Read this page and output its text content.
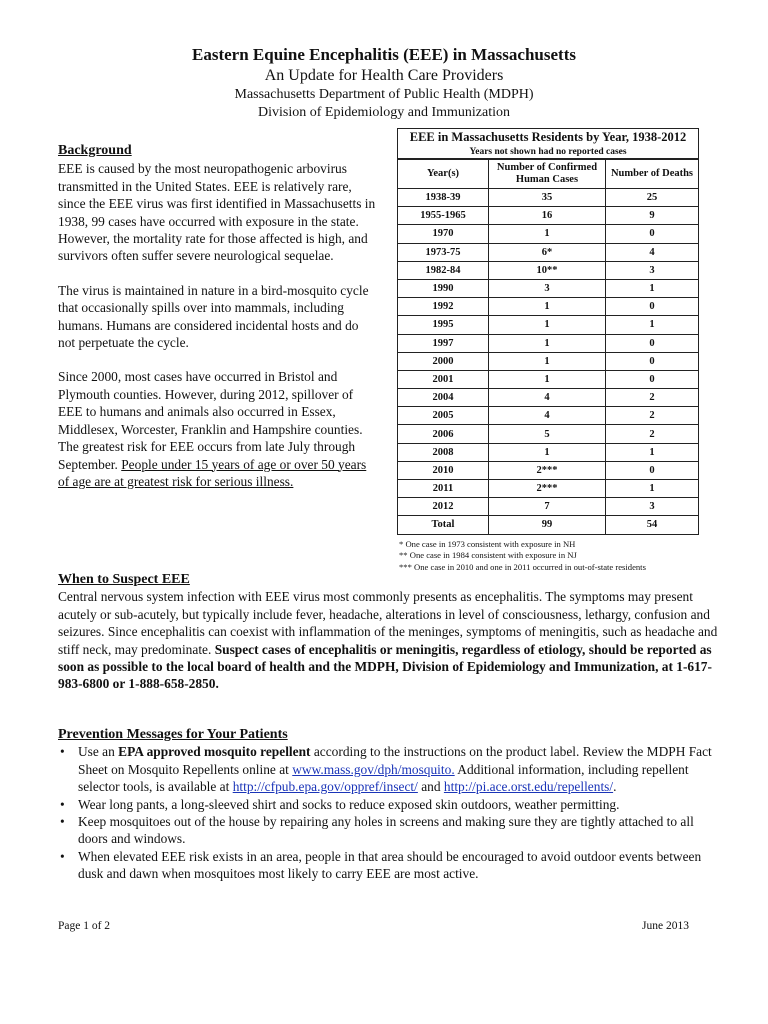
Eastern Equine Encephalitis (EEE) in Massachusetts
An Update for Health Care Providers
Massachusetts Department of Public Health (MDPH)
Division of Epidemiology and Immunization
Background

EEE is caused by the most neuropathogenic arbovirus transmitted in the United States. EEE is relatively rare, since the EEE virus was first identified in Massachusetts in 1938, 99 cases have occurred with exposure in the state. However, the mortality rate for those affected is high, and survivors often suffer severe neurological sequelae.

The virus is maintained in nature in a bird-mosquito cycle that occasionally spills over into mammals, including humans. Humans are considered incidental hosts and do not perpetuate the cycle.

Since 2000, most cases have occurred in Bristol and Plymouth counties. However, during 2012, spillover of EEE to humans and animals also occurred in Essex, Middlesex, Worcester, Franklin and Hampshire counties. The greatest risk for EEE occurs from late July through September. People under 15 years of age or over 50 years of age are at greatest risk for serious illness.

EEE in Massachusetts Residents by Year, 1938-2012		
Years not shown had no reported cases		
Year(s)	Number of Confirmed Human Cases	Number of Deaths
1938-39	35	25
1955-1965	16	9
1970	1	0
1973-75	6*	4
1982-84	10**	3
1990	3	1
1992	1	0
1995	1	1
1997	1	0
2000	1	0
2001	1	0
2004	4	2
2005	4	2
2006	5	2
2008	1	1
2010	2***	0
2011	2***	1
2012	7	3
Total	99	54
* One case in 1973 consistent with exposure in NH
** One case in 1984 consistent with exposure in NJ
*** One case in 2010 and one in 2011 occurred in out-of-state residents
When to Suspect EEE

Central nervous system infection with EEE virus most commonly presents as encephalitis. The symptoms may present acutely or sub-acutely, but typically include fever, headache, alterations in level of consciousness, lethargy, confusion and seizures. Since encephalitis can coexist with inflammation of the meninges, symptoms of meningitis, such as headache and stiff neck, may predominate. Suspect cases of encephalitis or meningitis, regardless of etiology, should be reported as soon as possible to the local board of health and the MDPH, Division of Epidemiology and Immunization, at 1-617-983-6800 or 1-888-658-2850.

Prevention Messages for Your Patients
• Use an EPA approved mosquito repellent according to the instructions on the product label. Review the MDPH Fact Sheet on Mosquito Repellents online at www.mass.gov/dph/mosquito. Additional information, including repellent selector tools, is available at http://cfpub.epa.gov/oppref/insect/ and http://pi.ace.orst.edu/repellents/.
• Wear long pants, a long-sleeved shirt and socks to reduce exposed skin outdoors, weather permitting.
• Keep mosquitoes out of the house by repairing any holes in screens and making sure they are tightly attached to all doors and windows.
• When elevated EEE risk exists in an area, people in that area should be encouraged to avoid outdoor events between dusk and dawn when mosquitoes most likely to carry EEE are most active.
Page 1 of 2	June 2013
